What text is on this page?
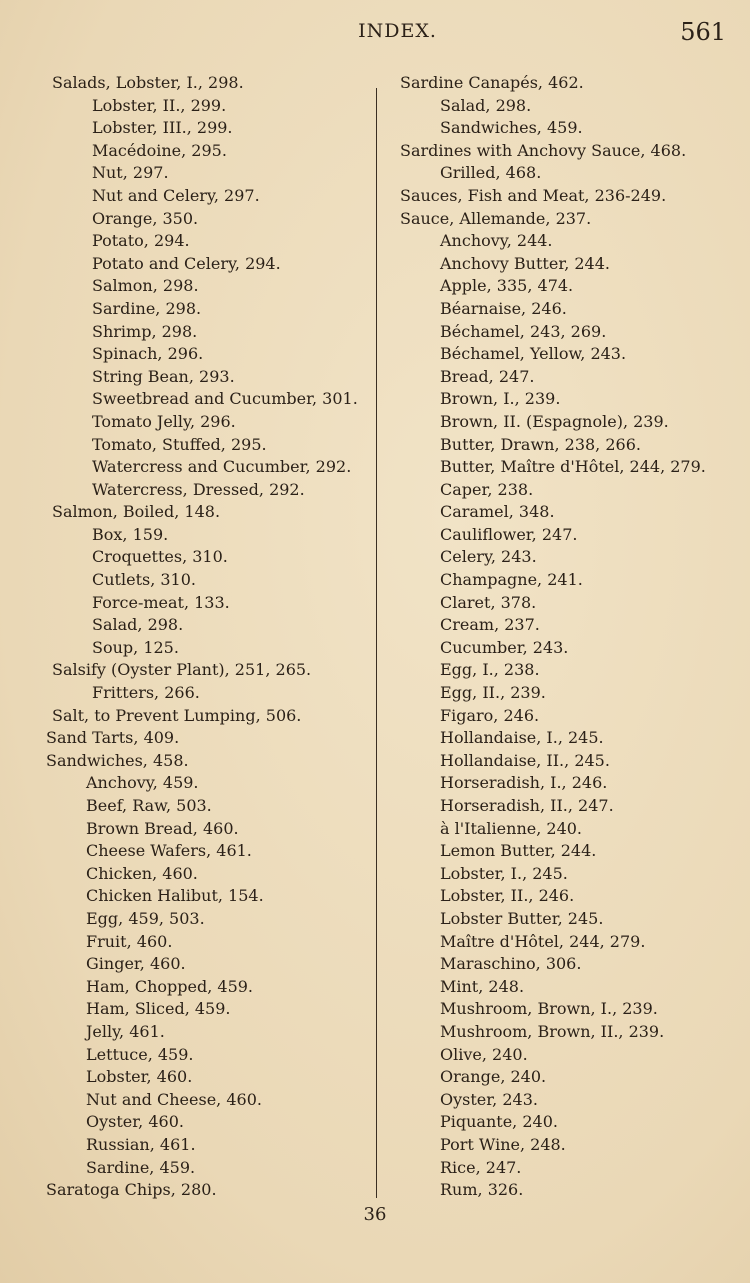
INDEX.	561
Salads, Lobster, I., 298.
Lobster, II., 299.
Lobster, III., 299.
Macédoine, 295.
Nut, 297.
Nut and Celery, 297.
Orange, 350.
Potato, 294.
Potato and Celery, 294.
Salmon, 298.
Sardine, 298.
Shrimp, 298.
Spinach, 296.
String Bean, 293.
Sweetbread and Cucumber, 301.
Tomato Jelly, 296.
Tomato, Stuffed, 295.
Watercress and Cucumber, 292.
Watercress, Dressed, 292.
Salmon, Boiled, 148.
Box, 159.
Croquettes, 310.
Cutlets, 310.
Force-meat, 133.
Salad, 298.
Soup, 125.
Salsify (Oyster Plant), 251, 265.
Fritters, 266.
Salt, to Prevent Lumping, 506.
Sand Tarts, 409.
Sandwiches, 458.
Anchovy, 459.
Beef, Raw, 503.
Brown Bread, 460.
Cheese Wafers, 461.
Chicken, 460.
Chicken Halibut, 154.
Egg, 459, 503.
Fruit, 460.
Ginger, 460.
Ham, Chopped, 459.
Ham, Sliced, 459.
Jelly, 461.
Lettuce, 459.
Lobster, 460.
Nut and Cheese, 460.
Oyster, 460.
Russian, 461.
Sardine, 459.
Saratoga Chips, 280.
Sardine Canapés, 462.
Salad, 298.
Sandwiches, 459.
Sardines with Anchovy Sauce, 468.
Grilled, 468.
Sauces, Fish and Meat, 236-249.
Sauce, Allemande, 237.
Anchovy, 244.
Anchovy Butter, 244.
Apple, 335, 474.
Béarnaise, 246.
Béchamel, 243, 269.
Béchamel, Yellow, 243.
Bread, 247.
Brown, I., 239.
Brown, II. (Espagnole), 239.
Butter, Drawn, 238, 266.
Butter, Maître d'Hôtel, 244, 279.
Caper, 238.
Caramel, 348.
Cauliflower, 247.
Celery, 243.
Champagne, 241.
Claret, 378.
Cream, 237.
Cucumber, 243.
Egg, I., 238.
Egg, II., 239.
Figaro, 246.
Hollandaise, I., 245.
Hollandaise, II., 245.
Horseradish, I., 246.
Horseradish, II., 247.
à l'Italienne, 240.
Lemon Butter, 244.
Lobster, I., 245.
Lobster, II., 246.
Lobster Butter, 245.
Maître d'Hôtel, 244, 279.
Maraschino, 306.
Mint, 248.
Mushroom, Brown, I., 239.
Mushroom, Brown, II., 239.
Olive, 240.
Orange, 240.
Oyster, 243.
Piquante, 240.
Port Wine, 248.
Rice, 247.
Rum, 326.
36
